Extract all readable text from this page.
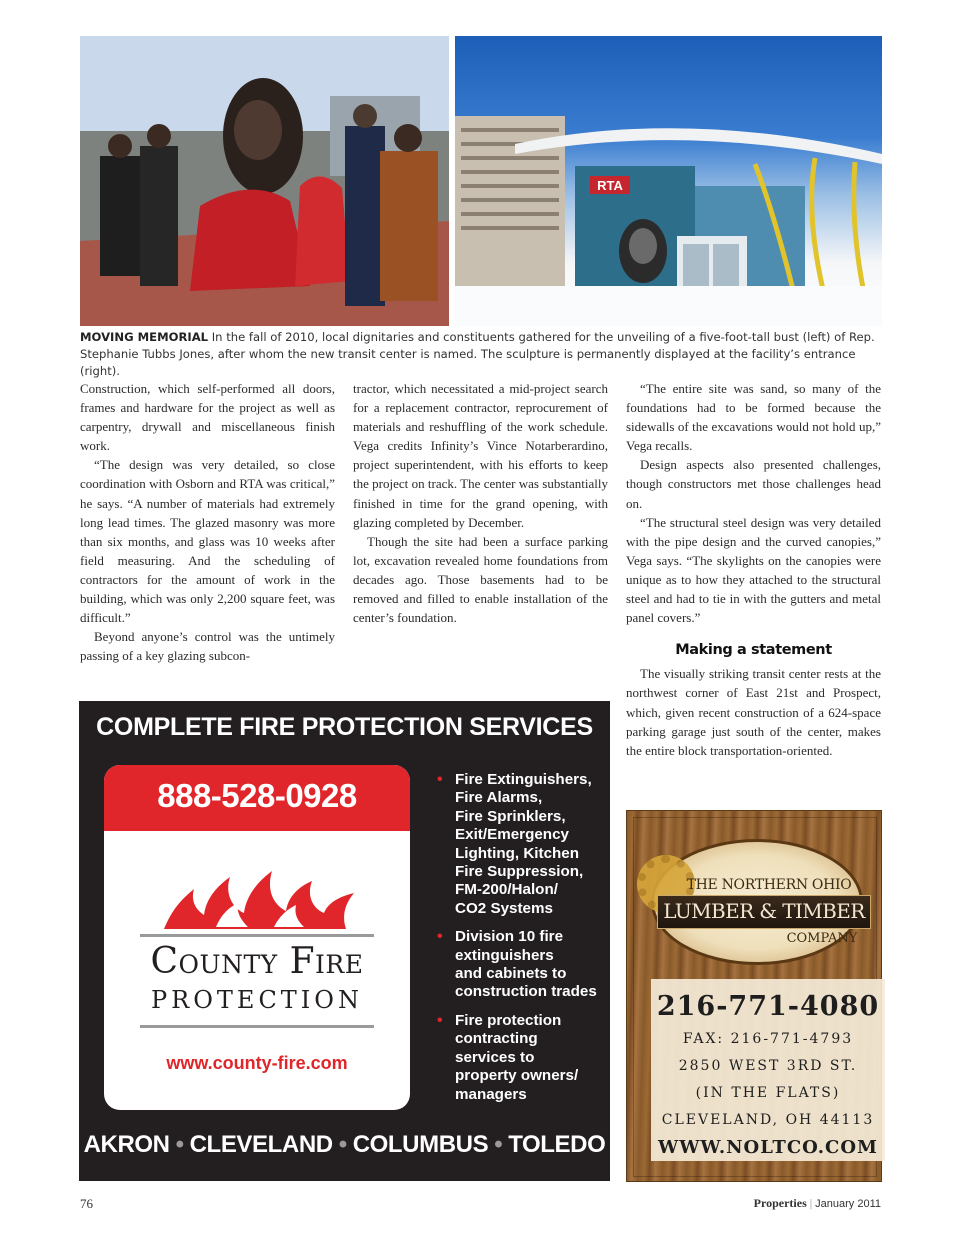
RTA
MOVING MEMORIAL In the fall of 2010, local dignitaries and constituents gathered for the unveiling of a five-foot-tall bust (left) of Rep. Stephanie Tubbs Jones, after whom the new transit center is named. The sculpture is permanently displayed at the facility’s entrance (right).

Construction, which self-performed all doors, frames and hardware for the project as well as carpentry, drywall and miscellaneous finish work.

“The design was very detailed, so close coordination with Osborn and RTA was critical,” he says. “A number of materials had extremely long lead times. The glazed masonry was more than six months, and glass was 10 weeks after field measuring. And the scheduling of contractors for the amount of work in the building, which was only 2,200 square feet, was difficult.”

Beyond anyone’s control was the untimely passing of a key glazing subcon-

tractor, which necessitated a mid-project search for a replacement contractor, reprocurement of materials and reshuffling of the work schedule. Vega credits Infinity’s Vince Notarberardino, project superintendent, with his efforts to keep the project on track. The center was substantially finished in time for the grand opening, with glazing completed by December.

Though the site had been a surface parking lot, excavation revealed home foundations from decades ago. Those basements had to be removed and filled to enable installation of the center’s foundation.

“The entire site was sand, so many of the foundations had to be formed because the sidewalls of the excavations would not hold up,” Vega recalls.

Design aspects also presented challenges, though constructors met those challenges head on.

“The structural steel design was very detailed with the pipe design and the curved canopies,” Vega says. “The skylights on the canopies were unique as to how they attached to the structural steel and had to tie in with the gutters and metal panel covers.”

Making a statement

The visually striking transit center rests at the northwest corner of East 21st and Prospect, which, given recent construction of a 624-space parking garage just south of the center, makes the entire block transportation-oriented.

COMPLETE FIRE PROTECTION SERVICES
888-528-0928
County Fire
PROTECTION
www.county-fire.com
• Fire Extinguishers,
Fire Alarms,
Fire Sprinklers,
Exit/Emergency
Lighting, Kitchen
Fire Suppression,
FM-200/Halon/
CO2 Systems
• Division 10 fire
extinguishers
and cabinets to
construction trades
• Fire protection
contracting
services to
property owners/
managers
AKRON • CLEVELAND • COLUMBUS • TOLEDO
THE NORTHERN OHIO
LUMBER & TIMBER
COMPANY
216-771-4080
FAX: 216-771-4793
2850 WEST 3RD ST.
(IN THE FLATS)
CLEVELAND, OH 44113
WWW.NOLTCO.COM
76	Properties | January 2011
